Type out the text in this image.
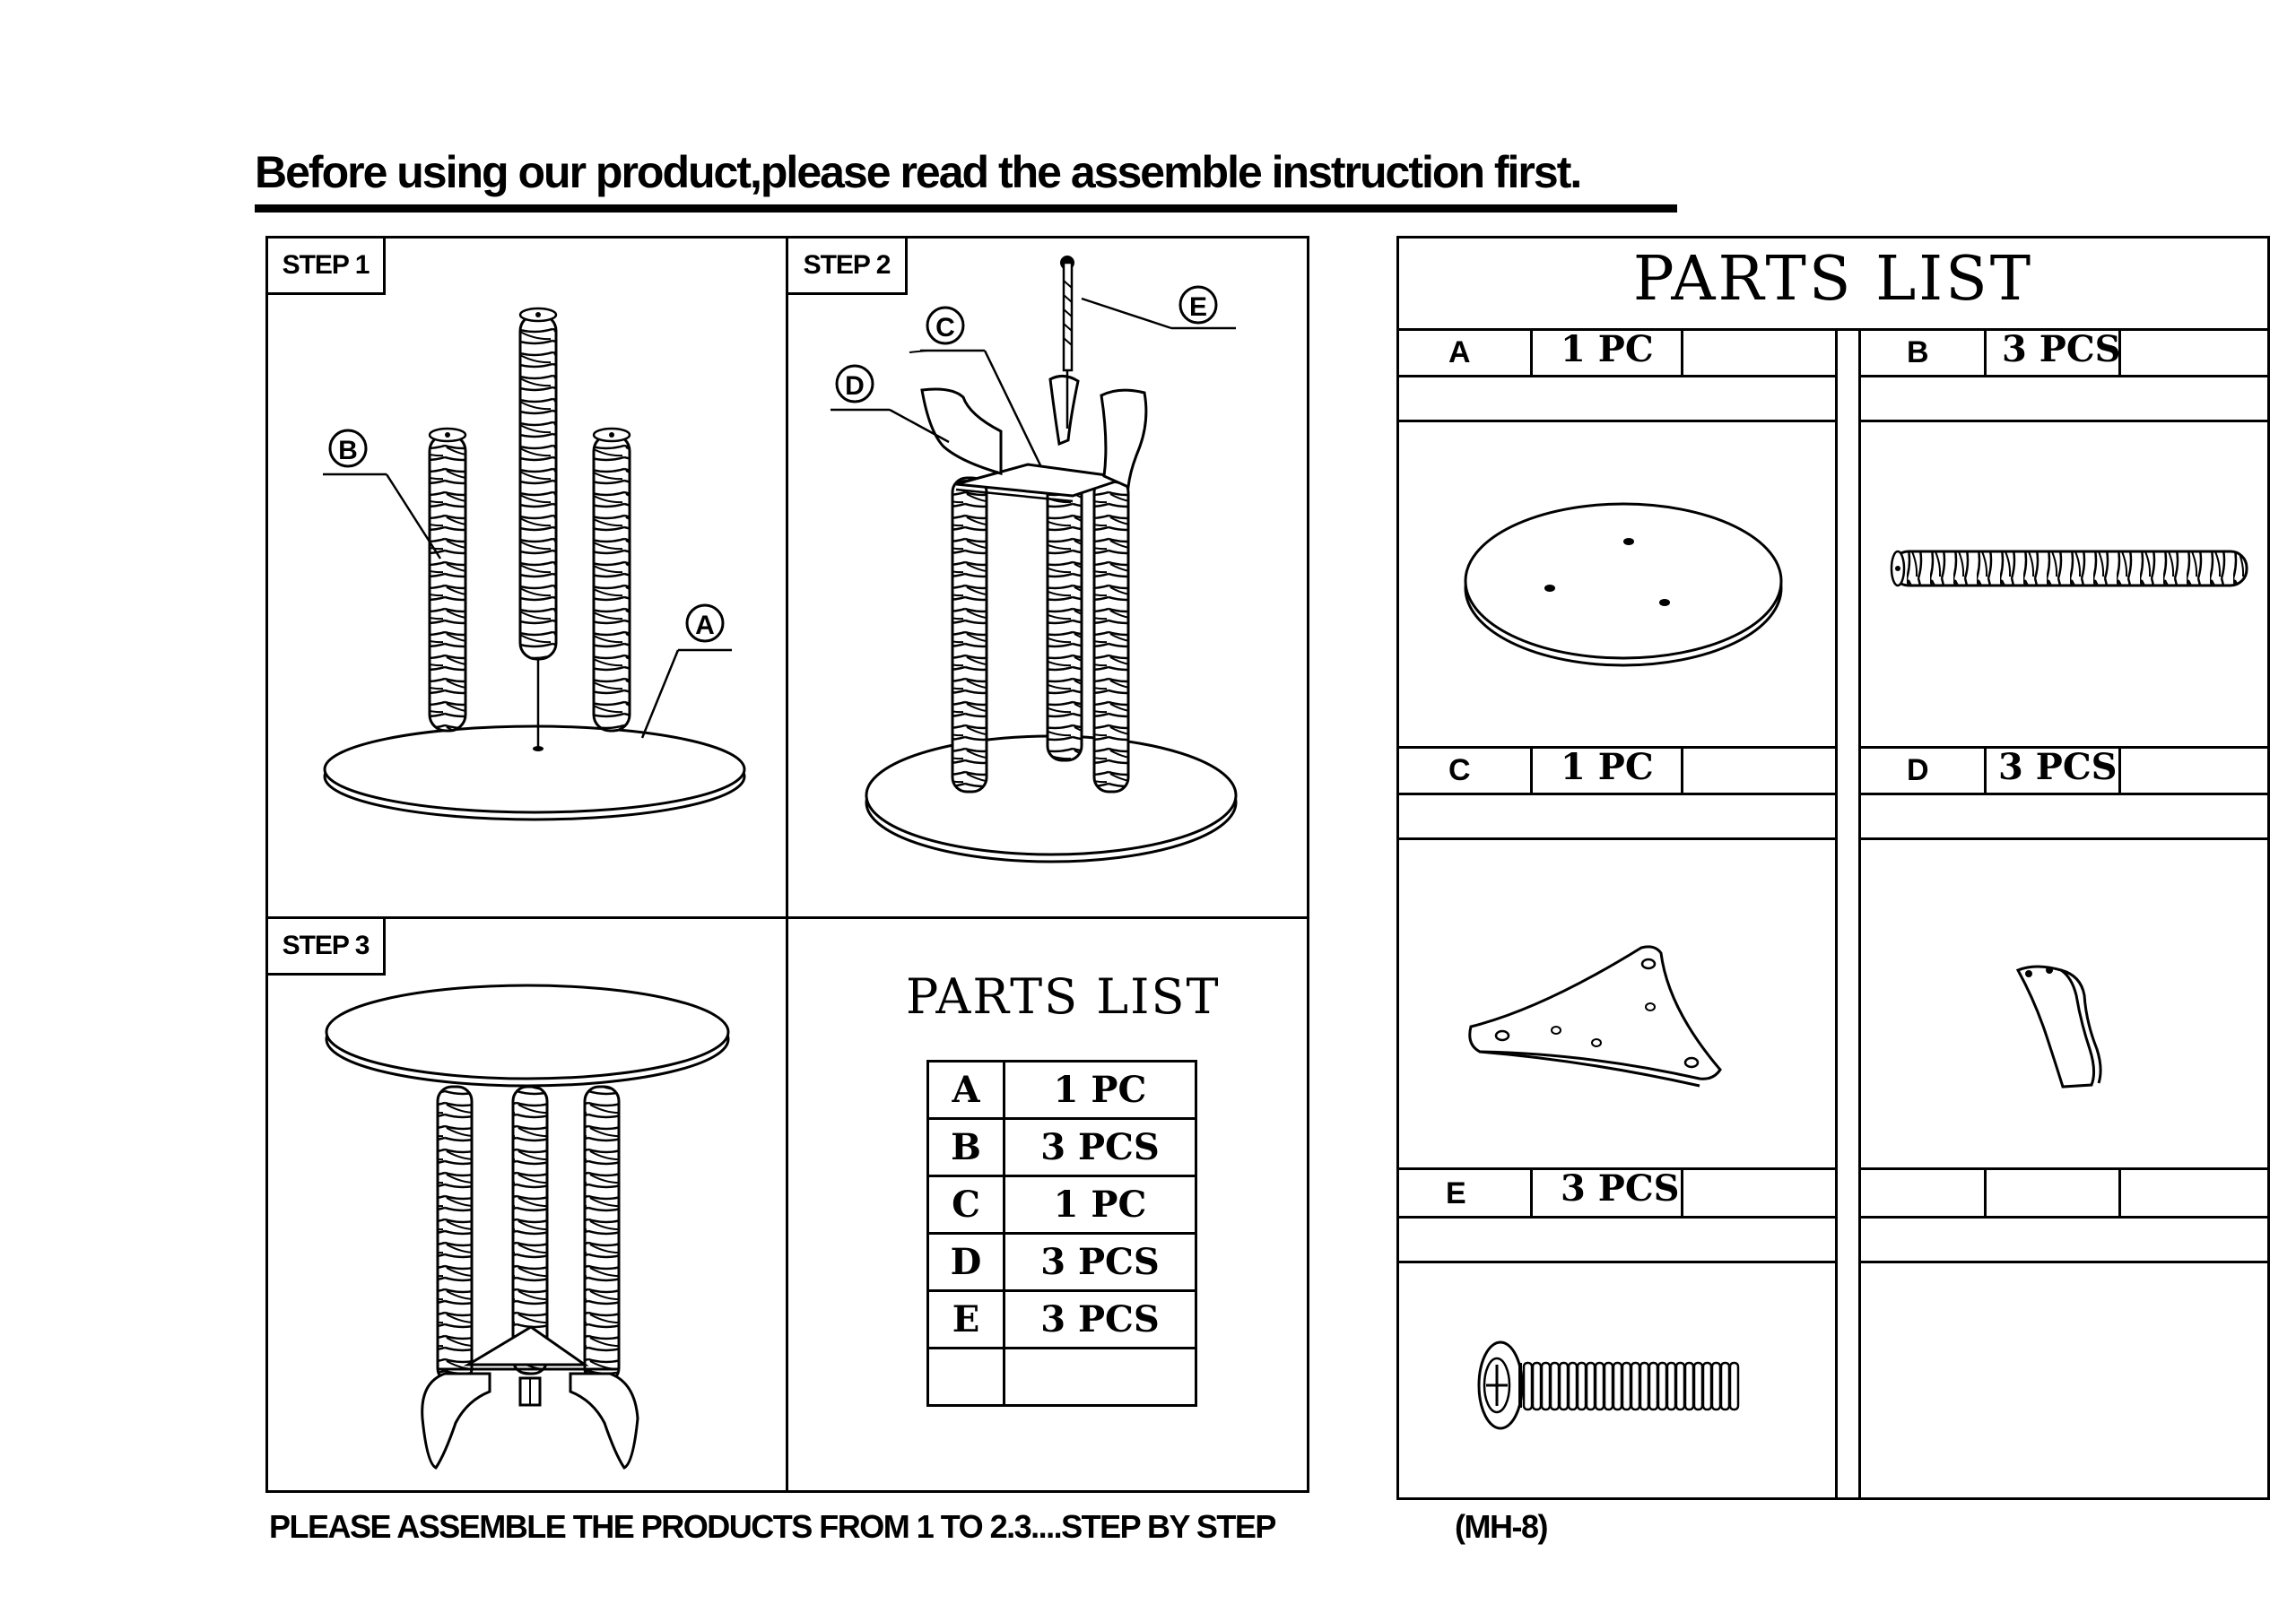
Before using our product,please read the assemble instruction first.
STEP 1	STEP 2
STEP 3
B
A
E
C
D
PARTS LIST
A	1 PC
B	3 PCS
C	1 PC
D	3 PCS
E	3 PCS

PARTS LIST
A	1 PC	B 3 PCS
C	1 PC	D 3 PCS
E	3 PCS
PLEASE ASSEMBLE THE PRODUCTS FROM 1 TO 2.3....STEP BY STEP	(MH-8)
